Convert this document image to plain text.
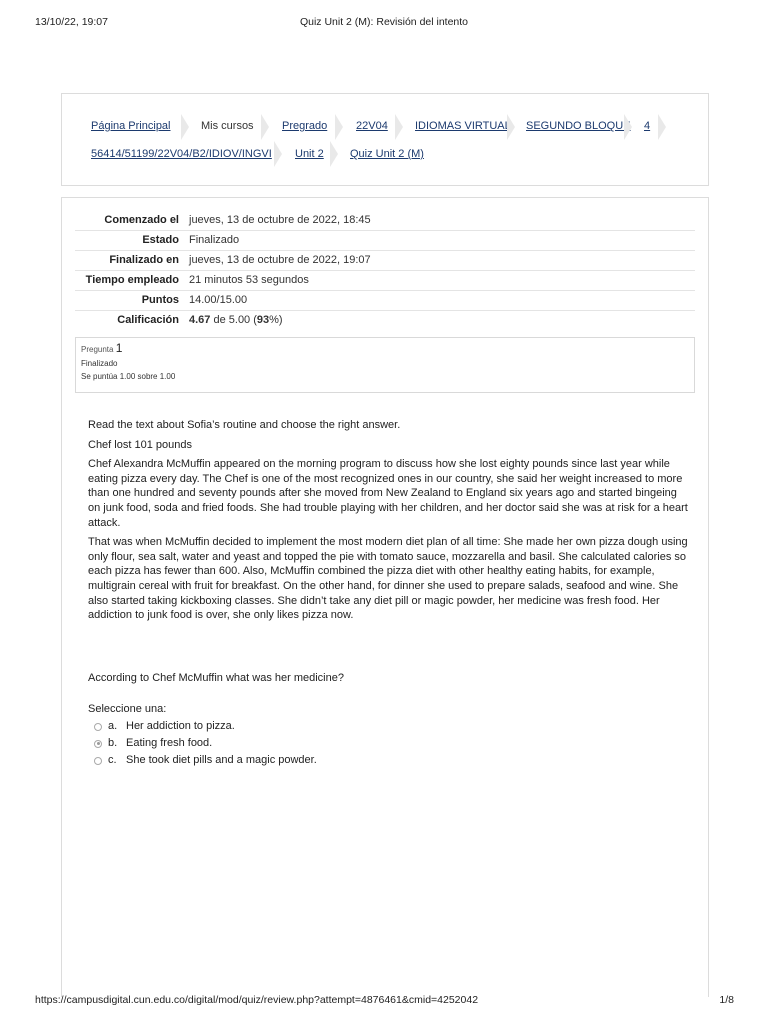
13/10/22, 19:07	Quiz Unit 2 (M): Revisión del intento
Página Principal	Mis cursos	Pregrado	22V04 IDIOMAS VIRTUAL SEGUNDO BLOQUE 4
56414/51199/22V04/B2/IDIOV/INGVI Unit 2 Quiz Unit 2 (M)
Comenzado el	jueves, 13 de octubre de 2022, 18:45
Estado	Finalizado
Finalizado en	jueves, 13 de octubre de 2022, 19:07
Tiempo empleado	21 minutos 53 segundos
Puntos	14.00/15.00
Calificación	4.67 de 5.00 (93%)
Pregunta 1
Finalizado
Se puntúa 1.00 sobre 1.00

Read the text about Sofia’s routine and choose the right answer.

Chef lost 101 pounds

Chef Alexandra McMuffin appeared on the morning program to discuss how she lost eighty pounds since last year while eating pizza every day. The Chef is one of the most recognized ones in our country, she said her weight increased to more than one hundred and seventy pounds after she moved from New Zealand to England six years ago and started bingeing on junk food, soda and fried foods. She had trouble playing with her children, and her doctor said she was at risk for a heart attack.

That was when McMuffin decided to implement the most modern diet plan of all time: She made her own pizza dough using only flour, sea salt, water and yeast and topped the pie with tomato sauce, mozzarella and basil. She calculated calories so each pizza has fewer than 600. Also, McMuffin combined the pizza diet with other healthy eating habits, for example, multigrain cereal with fruit for breakfast. On the other hand, for dinner she used to prepare salads, seafood and wine. She also started taking kickboxing classes. She didn’t take any diet pill or magic powder, her medicine was fresh food. Her addiction to junk food is over, she only likes pizza now.

According to Chef McMuffin what was her medicine?
Seleccione una:
a. Her addiction to pizza.
b. Eating fresh food.
c. She took diet pills and a magic powder.
https://campusdigital.cun.edu.co/digital/mod/quiz/review.php?attempt=4876461&cmid=4252042	1/8
